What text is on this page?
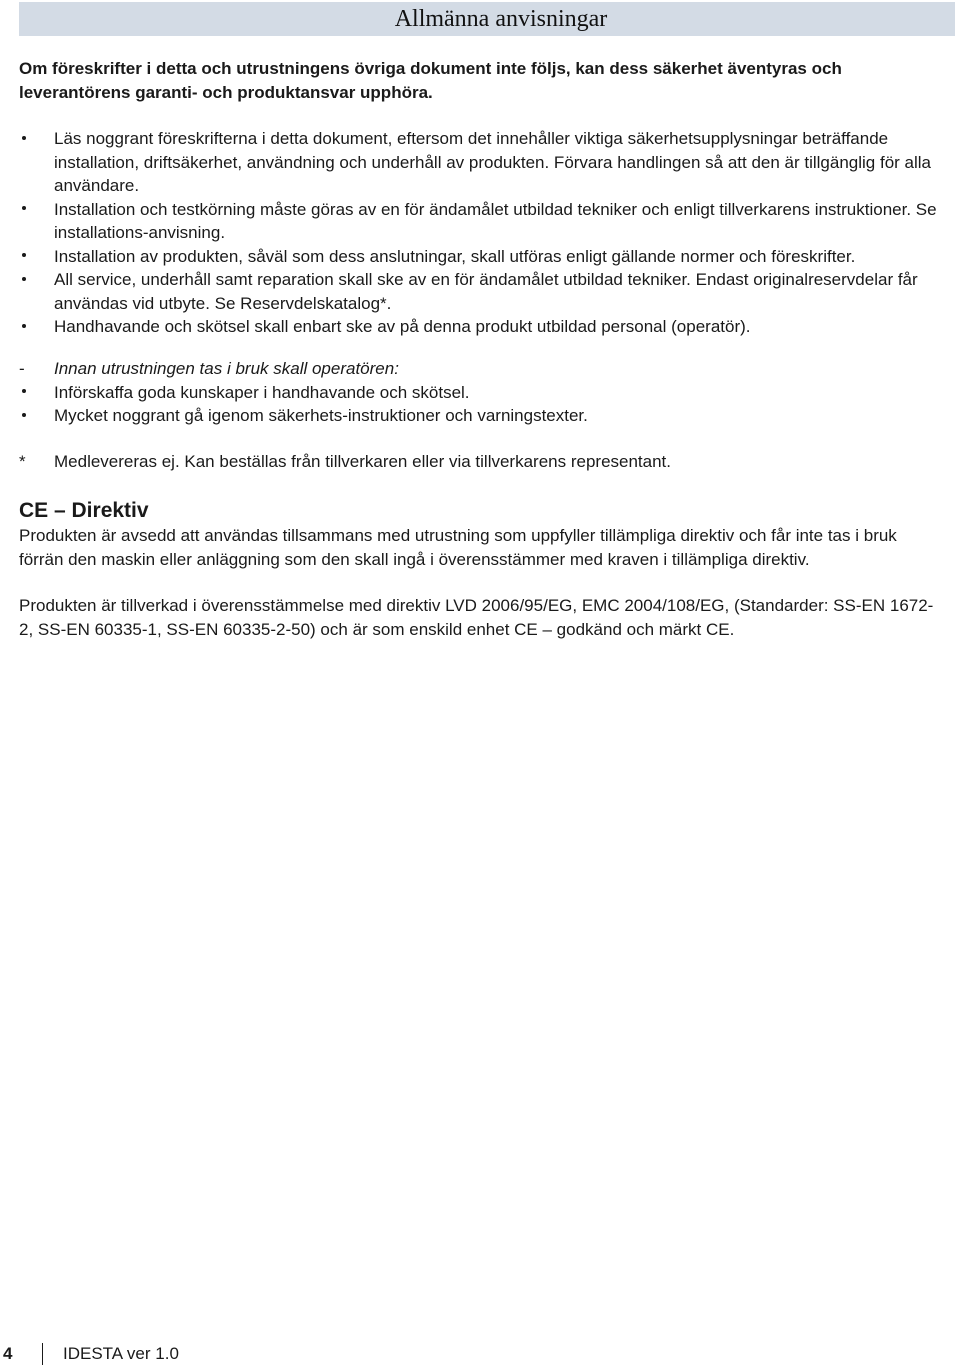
Allmänna anvisningar

Om föreskrifter i detta och utrustningens övriga dokument inte följs, kan dess säkerhet äventyras och leverantörens garanti- och produktansvar upphöra.

Läs noggrant föreskrifterna i detta dokument, eftersom det innehåller viktiga säkerhetsupplysningar beträffande installation, driftsäkerhet, användning och underhåll av produkten. Förvara handlingen så att den är tillgänglig för alla användare.
Installation och testkörning måste göras av en för ändamålet utbildad tekniker och enligt tillverkarens instruktioner. Se installations-anvisning.
Installation av produkten, såväl som dess anslutningar, skall utföras enligt gällande normer och föreskrifter.
All service, underhåll samt reparation skall ske av en för ändamålet utbildad tekniker. Endast originalreservdelar får användas vid utbyte. Se Reservdelskatalog*.
Handhavande och skötsel skall enbart ske av på denna produkt utbildad personal (operatör).
-	Innan utrustningen tas i bruk skall operatören:
Införskaffa goda kunskaper i handhavande och skötsel.
Mycket noggrant gå igenom säkerhets-instruktioner och varningstexter.
*	Medlevereras ej. Kan beställas från tillverkaren eller via tillverkarens representant.
CE – Direktiv

Produkten är avsedd att användas tillsammans med utrustning som uppfyller tillämpliga direktiv och får inte tas i bruk förrän den maskin eller anläggning som den skall ingå i överensstämmer med kraven i tillämpliga direktiv.

Produkten är tillverkad i överensstämmelse med direktiv LVD 2006/95/EG, EMC 2004/108/EG, (Standarder: SS-EN 1672-2, SS-EN 60335-1, SS-EN 60335-2-50) och är som enskild enhet CE – godkänd och märkt CE.

4	IDESTA ver 1.0
